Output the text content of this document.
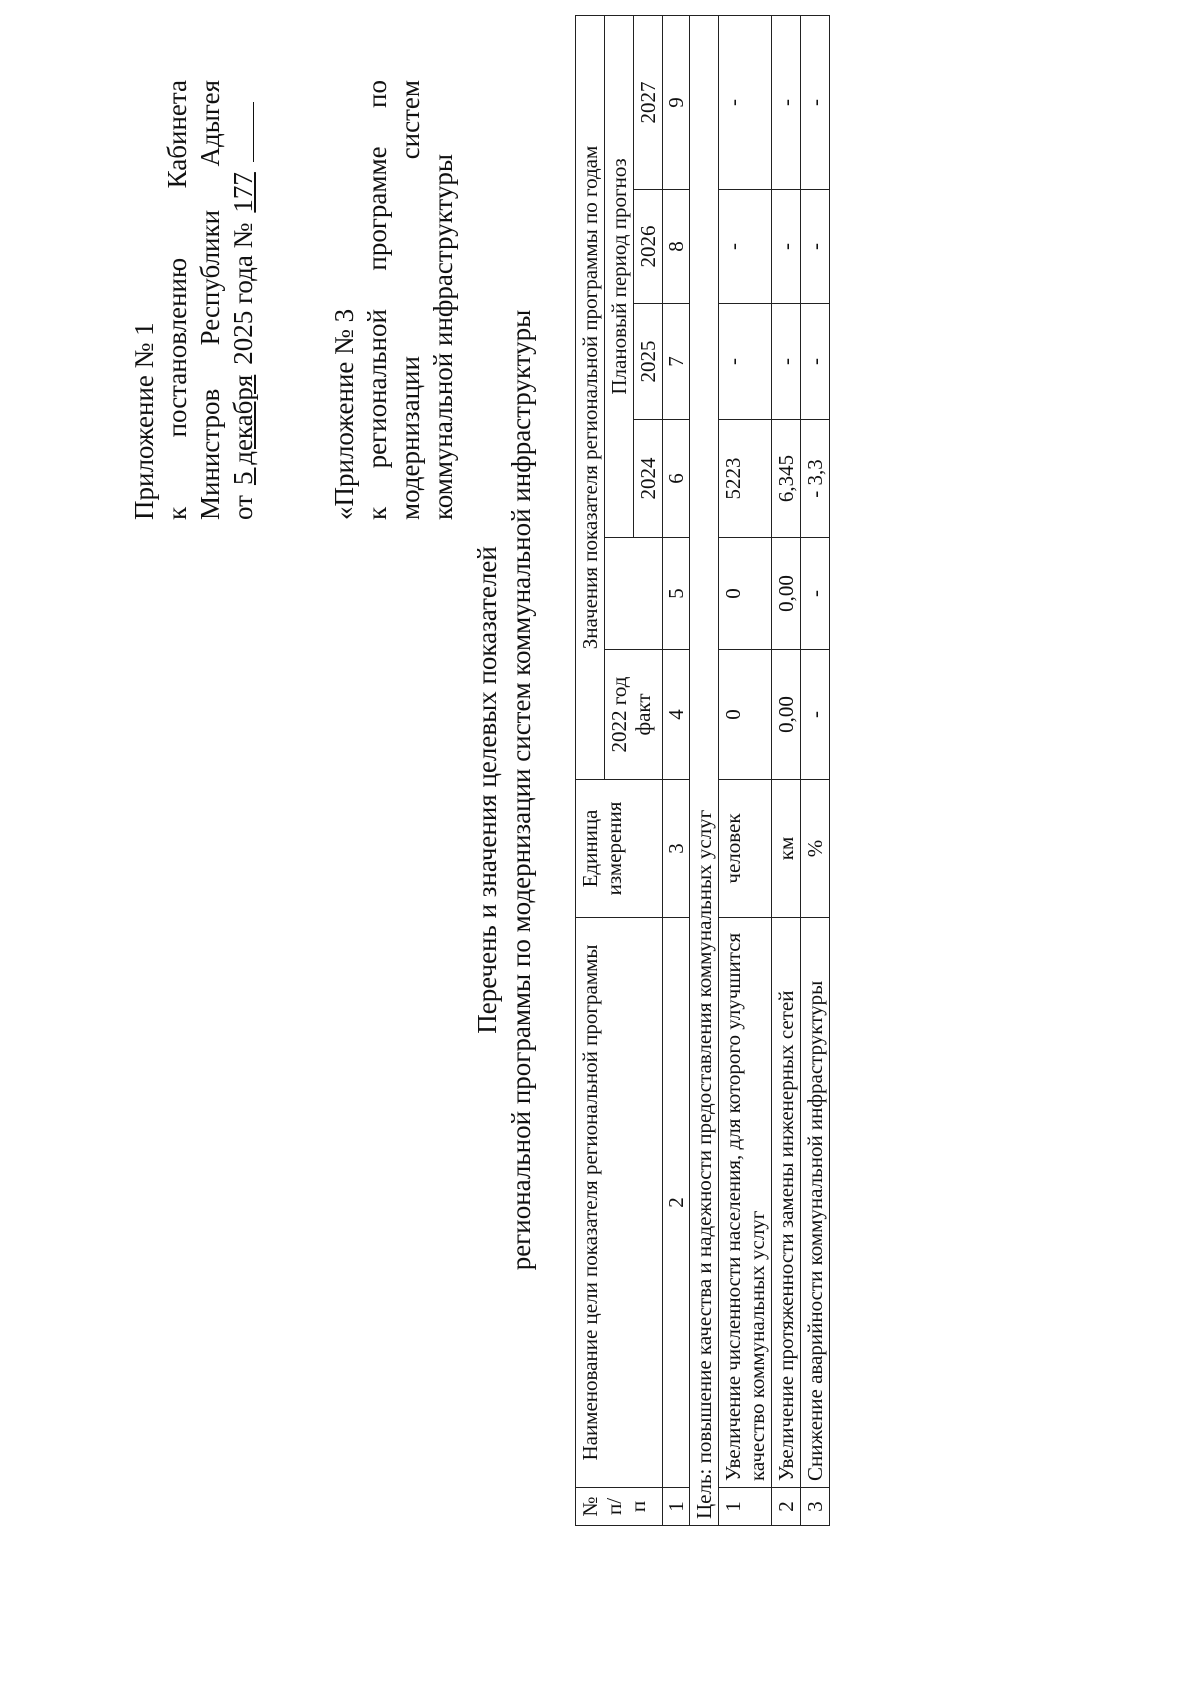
Приложение № 1 к
постановлению
Кабинета
Министров
Республики
Адыгея
от
5 декабря
2025 года №
177
«Приложение № 3 к
региональной
программе
по
модернизации
систем
коммунальной инфраструктуры
Перечень и значения целевых показателей региональной программы по модернизации систем коммунальной инфраструктуры
№ п/п	Наименование цели показателя региональной программы	Единица измерения	Значения показателя региональной программы по годам					
			2022 год факт		Плановый период прогноз			
					2024	2025	2026	2027
1	2	3	4	5	6	7	8	9
Цель: повышение качества и надежности предоставления коммунальных услуг								
1	Увеличение численности населения, для которого улучшится качество коммунальных услуг	человек	0	0	5223	-	-	-
2	Увеличение протяженности замены инженерных сетей	км	0,00	0,00	6,345	-	-	-
3	Снижение аварийности коммунальной инфраструктуры	%	-	-	- 3,3	-	-	-
